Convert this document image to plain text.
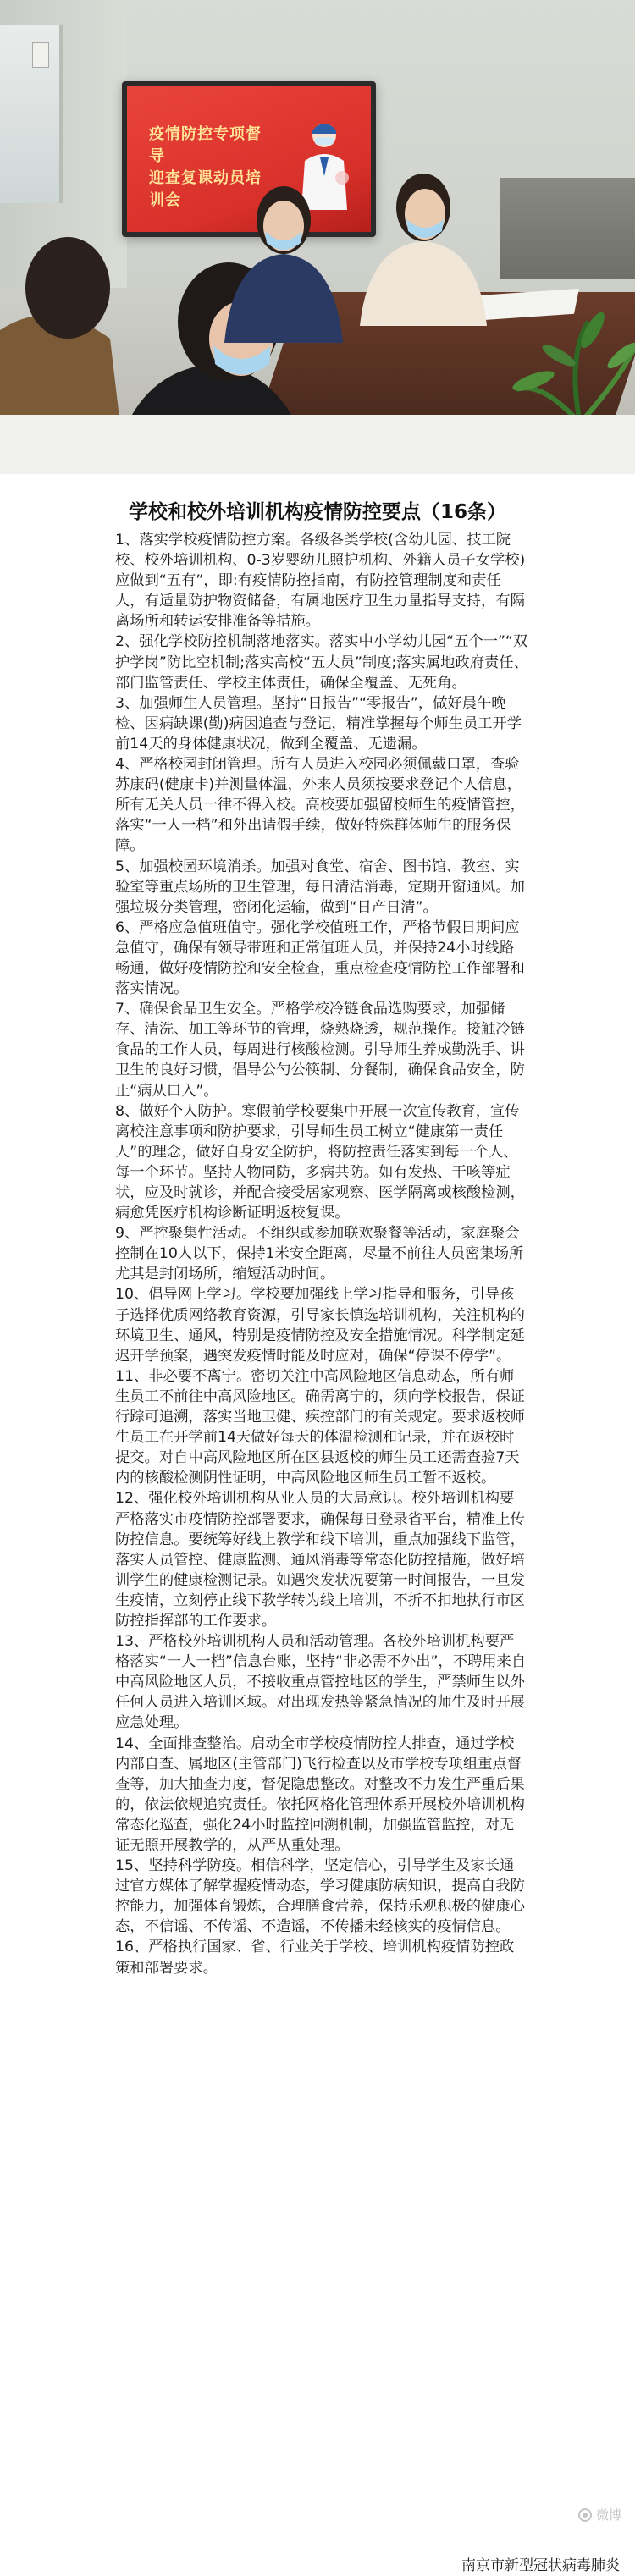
疫情防控专项督导
迎查复课动员培训会
学校和校外培训机构疫情防控要点（16条）

1、落实学校疫情防控方案。各级各类学校(含幼儿园、技工院校、校外培训机构、0-3岁婴幼儿照护机构、外籍人员子女学校)应做到“五有”，即:有疫情防控指南，有防控管理制度和责任人，有适量防护物资储备，有属地医疗卫生力量指导支持，有隔离场所和转运安排准备等措施。

2、强化学校防控机制落地落实。落实中小学幼儿园“五个一”“双护学岗”防比空机制;落实高校“五大员”制度;落实属地政府责任、部门监管责任、学校主体责任，确保全覆盖、无死角。

3、加强师生人员管理。坚持“日报告”“零报告”，做好晨午晚检、因病缺课(勤)病因追查与登记，精准掌握每个师生员工开学前14天的身体健康状况，做到全覆盖、无遗漏。

4、严格校园封闭管理。所有人员进入校园必须佩戴口罩，查验苏康码(健康卡)并测量体温，外来人员须按要求登记个人信息，所有无关人员一律不得入校。高校要加强留校师生的疫情管控，落实“一人一档”和外出请假手续，做好特殊群体师生的服务保障。

5、加强校园环境消杀。加强对食堂、宿舍、图书馆、教室、实验室等重点场所的卫生管理，每日清洁消毒，定期开窗通风。加强垃圾分类管理，密闭化运输，做到“日产日清”。

6、严格应急值班值守。强化学校值班工作，严格节假日期间应急值守，确保有领导带班和正常值班人员，并保持24小时线路畅通，做好疫情防控和安全检查，重点检查疫情防控工作部署和落实情况。

7、确保食品卫生安全。严格学校冷链食品选购要求，加强储存、清洗、加工等环节的管理，烧熟烧透，规范操作。接触冷链食品的工作人员，每周进行核酸检测。引导师生养成勤洗手、讲卫生的良好习惯，倡导公勺公筷制、分餐制，确保食品安全，防止“病从口入”。

8、做好个人防护。寒假前学校要集中开展一次宣传教育，宣传离校注意事项和防护要求，引导师生员工树立“健康第一责任人”的理念，做好自身安全防护，将防控责任落实到每一个人、每一个环节。坚持人物同防，多病共防。如有发热、干咳等症状，应及时就诊，并配合接受居家观察、医学隔离或核酸检测，病愈凭医疗机构诊断证明返校复课。

9、严控聚集性活动。不组织或参加联欢聚餐等活动，家庭聚会控制在10人以下，保持1米安全距离，尽量不前往人员密集场所尤其是封闭场所，缩短活动时间。

10、倡导网上学习。学校要加强线上学习指导和服务，引导孩子选择优质网络教育资源，引导家长慎选培训机构，关注机构的环境卫生、通风，特别是疫情防控及安全措施情况。科学制定延迟开学预案，遇突发疫情时能及时应对，确保“停课不停学”。

11、非必要不离宁。密切关注中高风险地区信息动态，所有师生员工不前往中高风险地区。确需离宁的，须向学校报告，保证行踪可追溯，落实当地卫健、疾控部门的有关规定。要求返校师生员工在开学前14天做好每天的体温检测和记录，并在返校时提交。对自中高风险地区所在区县返校的师生员工还需查验7天内的核酸检测阴性证明，中高风险地区师生员工暂不返校。

12、强化校外培训机构从业人员的大局意识。校外培训机构要严格落实市疫情防控部署要求，确保每日登录省平台，精准上传防控信息。要统筹好线上教学和线下培训，重点加强线下监管，落实人员管控、健康监测、通风消毒等常态化防控措施，做好培训学生的健康检测记录。如遇突发状况要第一时间报告，一旦发生疫情，立刻停止线下教学转为线上培训，不折不扣地执行市区防控指挥部的工作要求。

13、严格校外培训机构人员和活动管理。各校外培训机构要严格落实“一人一档”信息台账，坚持“非必需不外出”，不聘用来自中高风险地区人员，不接收重点管控地区的学生，严禁师生以外任何人员进入培训区域。对出现发热等紧急情况的师生及时开展应急处理。

14、全面排查整治。启动全市学校疫情防控大排查，通过学校内部自查、属地区(主管部门)飞行检查以及市学校专项组重点督查等，加大抽查力度，督促隐患整改。对整改不力发生严重后果的，依法依规追究责任。依托网格化管理体系开展校外培训机构常态化巡查，强化24小时监控回溯机制，加强监管监控，对无证无照开展教学的，从严从重处理。

15、坚持科学防疫。相信科学，坚定信心，引导学生及家长通过官方媒体了解掌握疫情动态，学习健康防病知识，提高自我防控能力，加强体育锻炼，合理膳食营养，保持乐观积极的健康心态，不信谣、不传谣、不造谣，不传播未经核实的疫情信息。

16、严格执行国家、省、行业关于学校、培训机构疫情防控政策和部署要求。

微博
南京市新型冠状病毒肺炎
